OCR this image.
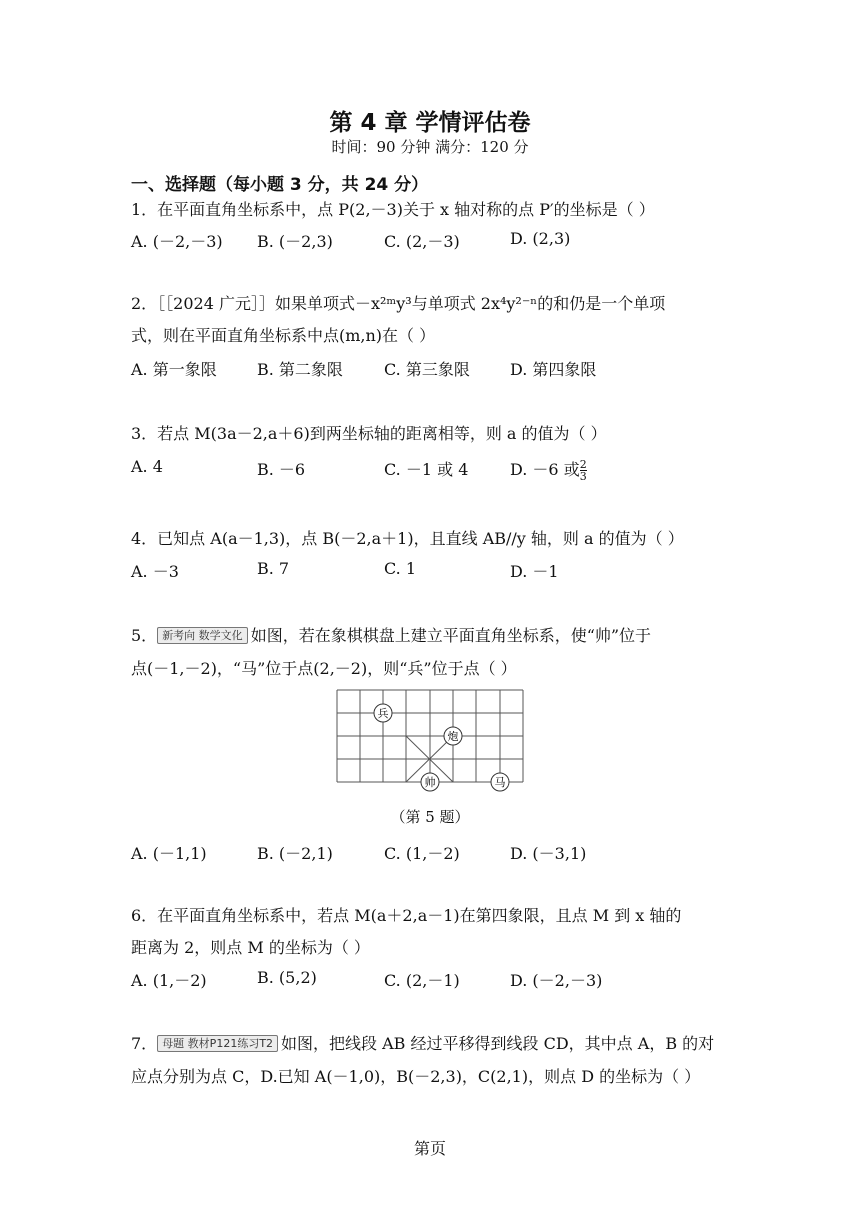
第 4 章 学情评估卷
时间：90 分钟 满分：120 分
一、选择题（每小题 3 分，共 24 分）
1．在平面直角坐标系中，点 P(2,－3)关于 x 轴对称的点 P′的坐标是（ ）
A. (－2,－3) B. (－2,3)	C. (2,－3)	D. (2,3)
2．［［2024 广元］］如果单项式－x²ᵐy³与单项式 2x⁴y²⁻ⁿ的和仍是一个单项
式，则在平面直角坐标系中点(m,n)在（ ）
A. 第一象限	B. 第二象限	C. 第三象限	D. 第四象限
3．若点 M(3a－2,a＋6)到两坐标轴的距离相等，则 a 的值为（ ）
A. 4	B. －6	C. －1 或 4	D. －6 或 $\frac{2}{3}$
4．已知点 A(a－1,3)，点 B(－2,a＋1)，且直线 AB//y 轴，则 a 的值为（ ）
A. －3	B. 7	C. 1	D. －1
5． 新考向 数学文化 如图，若在象棋棋盘上建立平面直角坐标系，使“帅”位于
点(－1,－2)，“马”位于点(2,－2)，则“兵”位于点（ ）
兵
炮
帅	马
（第 5 题）
A. (－1,1)	B. (－2,1)	C. (1,－2)	D. (－3,1)
6．在平面直角坐标系中，若点 M(a＋2,a－1)在第四象限，且点 M 到 x 轴的
距离为 2，则点 M 的坐标为（ ）
A. (1,－2)	B. (5,2)	C. (2,－1)	D. (－2,－3)
7． 母题 教材P121练习T2 如图，把线段 AB 经过平移得到线段 CD，其中点 A，B 的对
应点分别为点 C，D.已知 A(－1,0)，B(－2,3)，C(2,1)，则点 D 的坐标为（ ）
第页
